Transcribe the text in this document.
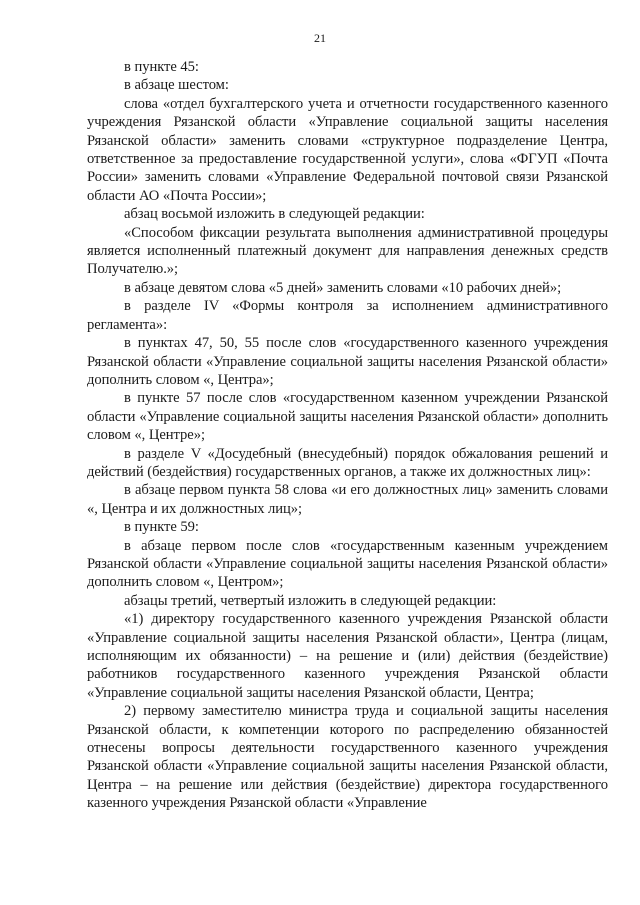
21

в пункте 45:

в абзаце шестом:

слова «отдел бухгалтерского учета и отчетности государственного казенного учреждения Рязанской области «Управление социальной защиты населения Рязанской области» заменить словами «структурное подразделение Центра, ответственное за предоставление государственной услуги», слова «ФГУП «Почта России» заменить словами «Управление Федеральной почтовой связи Рязанской области АО «Почта России»;

абзац восьмой изложить в следующей редакции:

«Способом фиксации результата выполнения административной процедуры является исполненный платежный документ для направления денежных средств Получателю.»;

в абзаце девятом слова «5 дней» заменить словами «10 рабочих дней»;

в разделе IV «Формы контроля за исполнением административного регламента»:

в пунктах 47, 50, 55 после слов «государственного казенного учреждения Рязанской области «Управление социальной защиты населения Рязанской области» дополнить словом «, Центра»;

в пункте 57 после слов «государственном казенном учреждении Рязанской области «Управление социальной защиты населения Рязанской области» дополнить словом «, Центре»;

в разделе V «Досудебный (внесудебный) порядок обжалования решений и действий (бездействия) государственных органов, а также их должностных лиц»:

в абзаце первом пункта 58 слова «и его должностных лиц» заменить словами «, Центра и их должностных лиц»;

в пункте 59:

в абзаце первом после слов «государственным казенным учреждением Рязанской области «Управление социальной защиты населения Рязанской области» дополнить словом «, Центром»;

абзацы третий, четвертый изложить в следующей редакции:

«1) директору государственного казенного учреждения Рязанской области «Управление социальной защиты населения Рязанской области», Центра (лицам, исполняющим их обязанности) – на решение и (или) действия (бездействие) работников государственного казенного учреждения Рязанской области «Управление социальной защиты населения Рязанской области, Центра;

2) первому заместителю министра труда и социальной защиты населения Рязанской области, к компетенции которого по распределению обязанностей отнесены вопросы деятельности государственного казенного учреждения Рязанской области «Управление социальной защиты населения Рязанской области, Центра – на решение или действия (бездействие) директора государственного казенного учреждения Рязанской области «Управление
